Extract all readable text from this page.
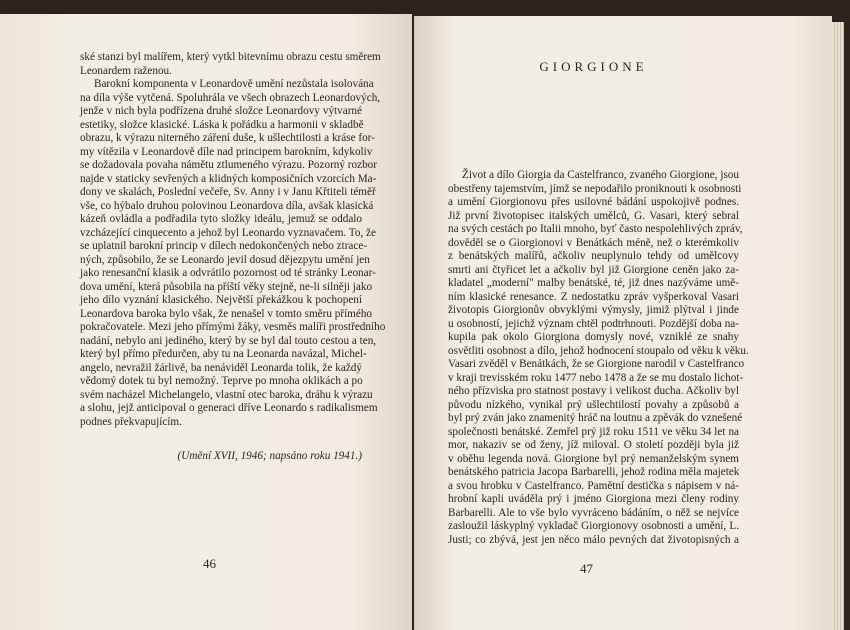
ské stanzi byl malířem, který vytkl bitevnímu obrazu cestu směrem
Leonardem raženou.
Barokní komponenta v Leonardově umění nezůstala isolována
na díla výše vytčená. Spoluhrála ve všech obrazech Leonardových,
jenže v nich byla podřízena druhé složce Leonardovy výtvarné
estetiky, složce klasické. Láska k pořádku a harmonii v skladbě
obrazu, k výrazu niterného záření duše, k ušlechtilosti a kráse for-
my vítězila v Leonardově díle nad principem barokním, kdykoliv
se dožadovala povaha námětu ztlumeného výrazu. Pozorný rozbor
najde v staticky sevřených a klidných komposičních vzorcích Ma-
dony ve skalách, Poslední večeře, Sv. Anny i v Janu Křtiteli téměř
vše, co hýbalo druhou polovinou Leonardova díla, avšak klasická
kázeň ovládla a podřadila tyto složky ideálu, jemuž se oddalo
vzcházející cinquecento a jehož byl Leonardo vyznavačem. To, že
se uplatnil barokní princip v dílech nedokončených nebo ztrace-
ných, způsobilo, že se Leonardo jevil dosud dějezpytu umění jen
jako renesanční klasik a odvrátilo pozornost od té stránky Leonar-
dova umění, která působila na příští věky stejně, ne-li silněji jako
jeho dílo vyznání klasického. Největší překážkou k pochopení
Leonardova baroka bylo však, že nenašel v tomto směru přímého
pokračovatele. Mezi jeho přímými žáky, vesměs malíři prostředního
nadání, nebylo ani jediného, který by se byl dal touto cestou a ten,
který byl přímo předurčen, aby tu na Leonarda navázal, Michel-
angelo, nevražil žárlivě, ba nenáviděl Leonarda tolik, že každý
vědomý dotek tu byl nemožný. Teprve po mnoha oklikách a po
svém nacházel Michelangelo, vlastní otec baroka, dráhu k výrazu
a slohu, jejž anticipoval o generaci dříve Leonardo s radikalismem
podnes překvapujícím.
(Umění XVII, 1946; napsáno roku 1941.)
46
GIORGIONE
Život a dílo Giorgia da Castelfranco, zvaného Giorgione, jsou
obestřeny tajemstvím, jímž se nepodařilo proniknouti k osobnosti
a umění Giorgionovu přes usilovné bádání uspokojivě podnes.
Již první životopisec italských umělců, G. Vasari, který sebral
na svých cestách po Italii mnoho, byť často nespolehlivých zpráv,
dověděl se o Giorgionovi v Benátkách méně, než o kterémkoliv
z benátských malířů, ačkoliv neuplynulo tehdy od umělcovy
smrti ani čtyřicet let a ačkoliv byl již Giorgione ceněn jako za-
kladatel „moderní" malby benátské, té, již dnes nazýváme umě-
ním klasické renesance. Z nedostatku zpráv vyšperkoval Vasari
životopis Giorgionův obvyklými výmysly, jimiž plýtval i jinde
u osobností, jejichž význam chtěl podtrhnouti. Pozdější doba na-
kupila pak okolo Giorgiona domysly nové, vzniklé ze snahy
osvětliti osobnost a dílo, jehož hodnocení stoupalo od věku k věku.
Vasari zvěděl v Benátkách, že se Giorgione narodil v Castelfranco
v kraji trevisském roku 1477 nebo 1478 a že se mu dostalo lichot-
ného přízviska pro statnost postavy i velikost ducha. Ačkoliv byl
původu nízkého, vynikal prý ušlechtilostí povahy a způsobů a
byl prý zván jako znamenitý hráč na loutnu a zpěvák do vznešené
společnosti benátské. Zemřel prý již roku 1511 ve věku 34 let na
mor, nakaziv se od ženy, jíž miloval. O století později byla již
v oběhu legenda nová. Giorgione byl prý nemanželským synem
benátského patricia Jacopa Barbarelli, jehož rodina měla majetek
a svou hrobku v Castelfranco. Pamětní destička s nápisem v ná-
hrobní kapli uváděla prý i jméno Giorgiona mezi členy rodiny
Barbarelli. Ale to vše bylo vyvráceno bádáním, o něž se nejvíce
zasloužil láskyplný vykladač Giorgionovy osobnosti a umění, L.
Justi; co zbývá, jest jen něco málo pevných dat životopisných a
47
